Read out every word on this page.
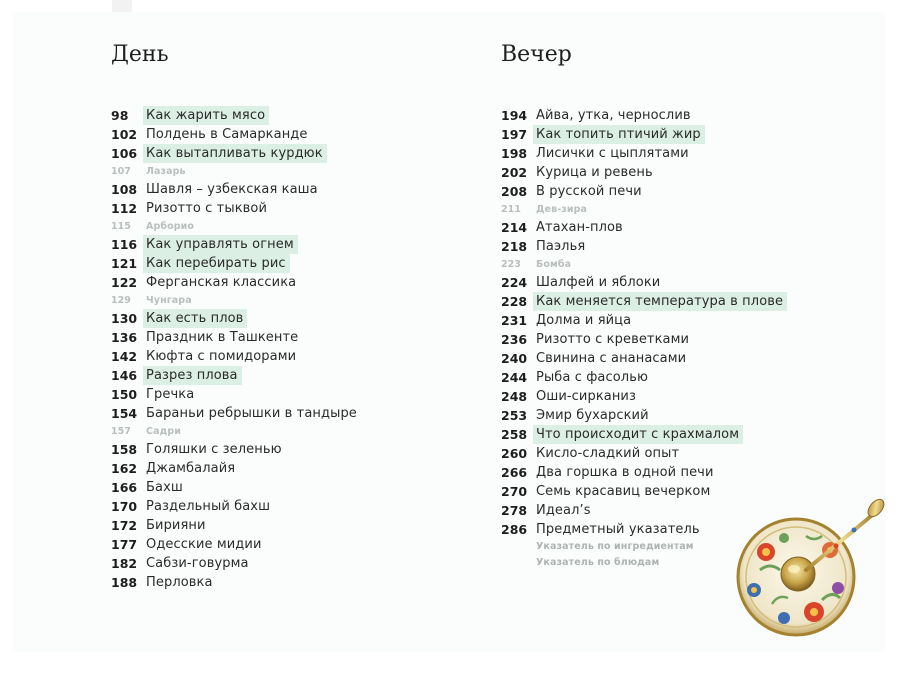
День
98 Как жарить мясо
102 Полдень в Самарканде
106 Как вытапливать курдюк
107 Лазарь
108 Шавля – узбекская каша
112 Ризотто с тыквой
115 Арборио
116 Как управлять огнем
121 Как перебирать рис
122 Ферганская классика
129 Чунгара
130 Как есть плов
136 Праздник в Ташкенте
142 Кюфта с помидорами
146 Разрез плова
150 Гречка
154 Бараньи ребрышки в тандыре
157 Садри
158 Голяшки с зеленью
162 Джамбалайя
166 Бахш
170 Раздельный бахш
172 Бирияни
177 Одесские мидии
182 Сабзи-говурма
188 Перловка
Вечер
194 Айва, утка, чернослив
197 Как топить птичий жир
198 Лисички с цыплятами
202 Курица и ревень
208 В русской печи
211 Дев-зира
214 Атахан-плов
218 Паэлья
223 Бомба
224 Шалфей и яблоки
228 Как меняется температура в плове
231 Долма и яйца
236 Ризотто с креветками
240 Свинина с ананасами
244 Рыба с фасолью
248 Оши-сирканиз
253 Эмир бухарский
258 Что происходит с крахмалом
260 Кисло-сладкий опыт
266 Два горшка в одной печи
270 Семь красавиц вечерком
278 Идеал’s
286 Предметный указатель
Указатель по ингредиентам
Указатель по блюдам
